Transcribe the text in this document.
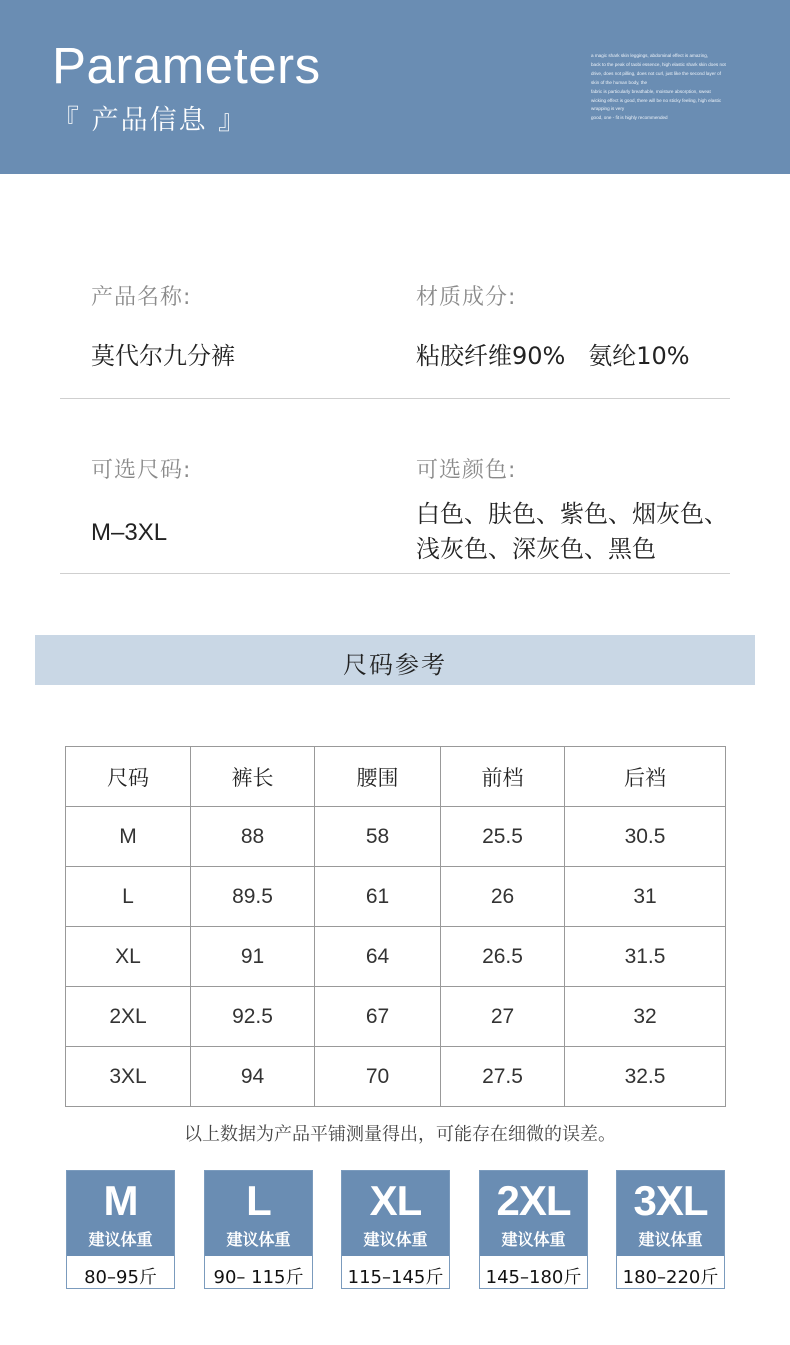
Parameters
『 产品信息 』
a magic shark skin leggings, abdominal effect is amazing,
back to the peak of taobi essence, high elastic shark skin does not
drive, does not pilling, does not curl, just like the second layer of
skin of the human body, the
fabric is particularly breathable, moisture absorption, sweat
wicking effect is good, there will be no sticky feeling, high elastic
wrapping is very
good, one - fit is highly recommended
产品名称:
莫代尔九分裤
材质成分:
粘胶纤维90%   氨纶10%
可选尺码:
M–3XL
可选颜色:
白色、肤色、紫色、烟灰色、
浅灰色、深灰色、黑色
尺码参考
尺码	裤长	腰围	前档	后裆
M	88	58	25.5	30.5
L	89.5	61	26	31
XL	91	64	26.5	31.5
2XL	92.5	67	27	32
3XL	94	70	27.5	32.5
以上数据为产品平铺测量得出，可能存在细微的误差。
M
建议体重
80–95斤
L
建议体重
90– 115斤
XL
建议体重
115–145斤
2XL
建议体重
145–180斤
3XL
建议体重
180–220斤
